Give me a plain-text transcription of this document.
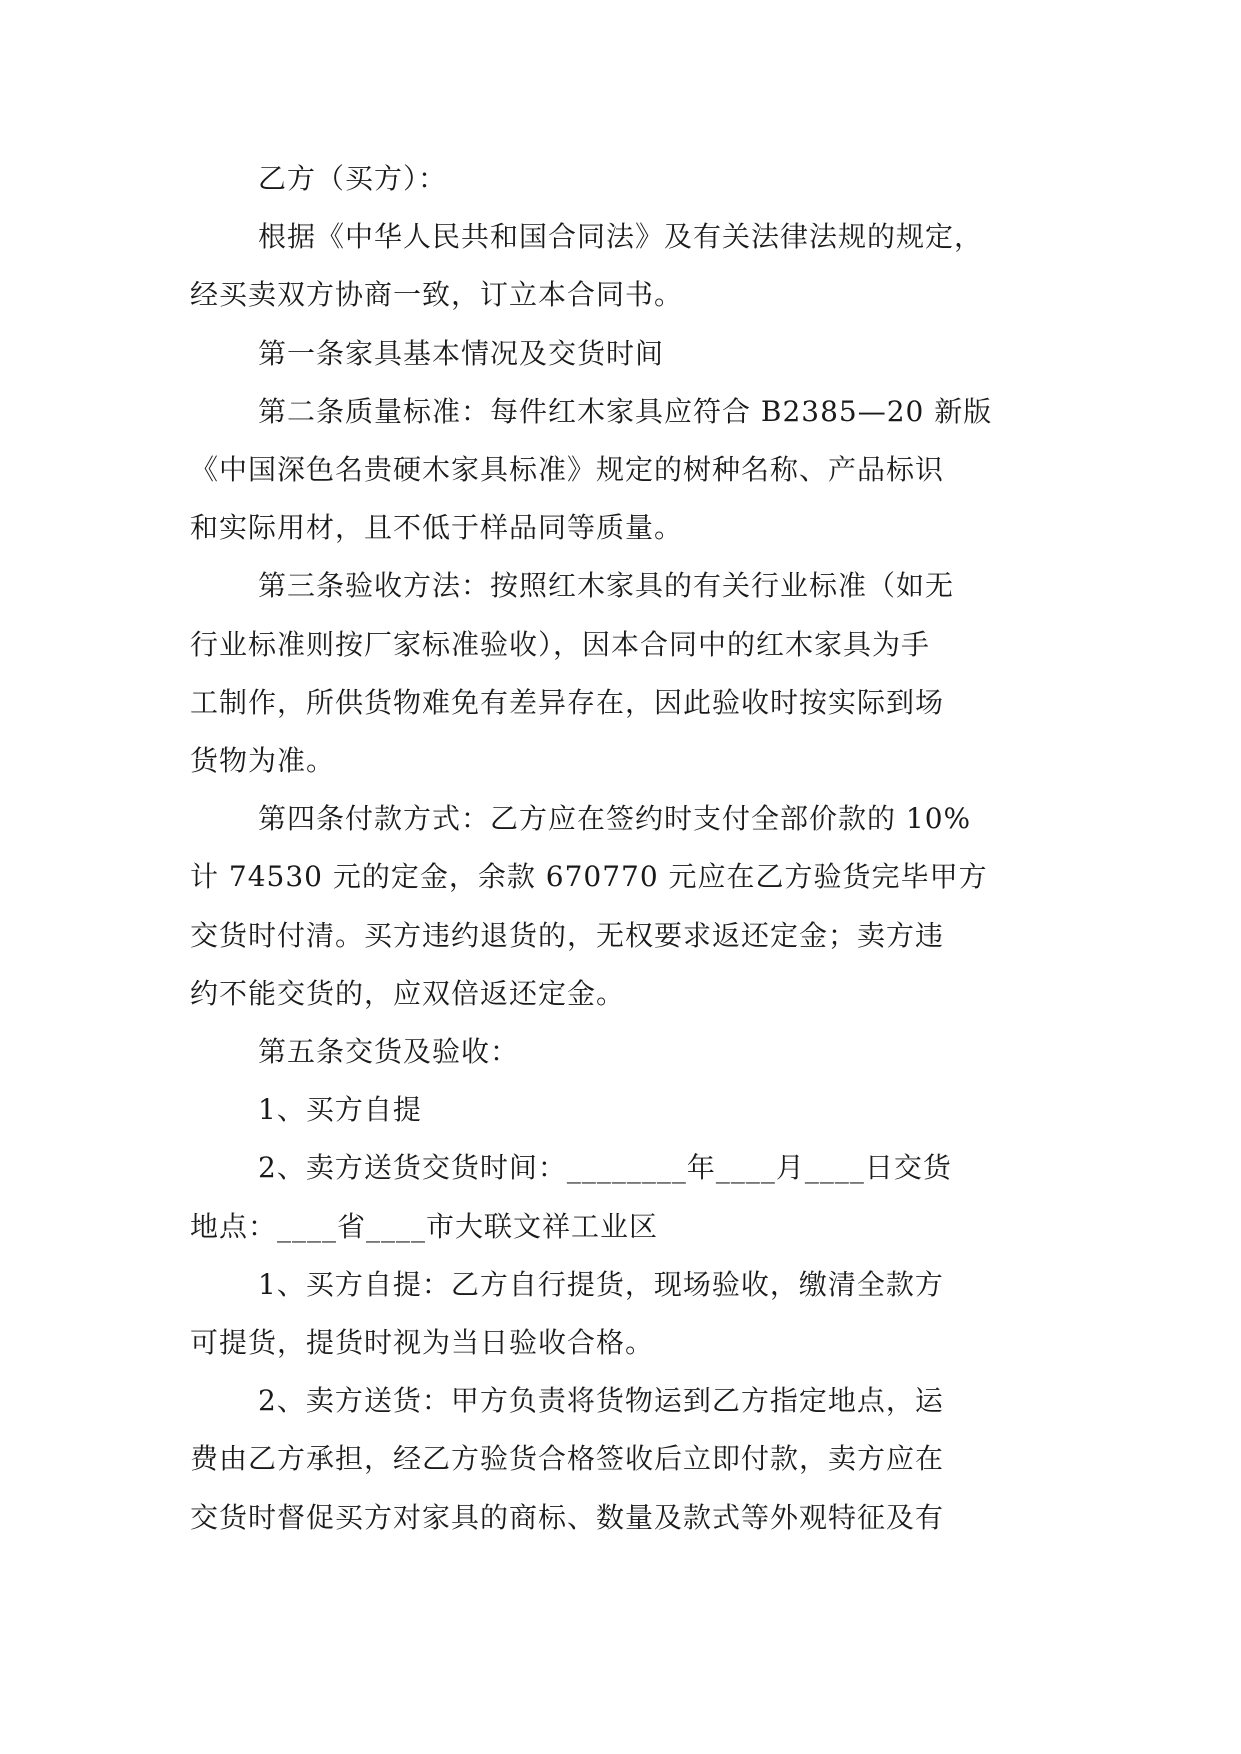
乙方（买方）：
根据《中华人民共和国合同法》及有关法律法规的规定，
经买卖双方协商一致，订立本合同书。
第一条家具基本情况及交货时间
第二条质量标准：每件红木家具应符合 B2385—20 新版
《中国深色名贵硬木家具标准》规定的树种名称、产品标识
和实际用材，且不低于样品同等质量。
第三条验收方法：按照红木家具的有关行业标准（如无
行业标准则按厂家标准验收），因本合同中的红木家具为手
工制作，所供货物难免有差异存在，因此验收时按实际到场
货物为准。
第四条付款方式：乙方应在签约时支付全部价款的 10%
计 74530 元的定金，余款 670770 元应在乙方验货完毕甲方
交货时付清。买方违约退货的，无权要求返还定金；卖方违
约不能交货的，应双倍返还定金。
第五条交货及验收：
1、买方自提
2、卖方送货交货时间：________年____月____日交货
地点：____省____市大联文祥工业区
1、买方自提：乙方自行提货，现场验收，缴清全款方
可提货，提货时视为当日验收合格。
2、卖方送货：甲方负责将货物运到乙方指定地点，运
费由乙方承担，经乙方验货合格签收后立即付款，卖方应在
交货时督促买方对家具的商标、数量及款式等外观特征及有
